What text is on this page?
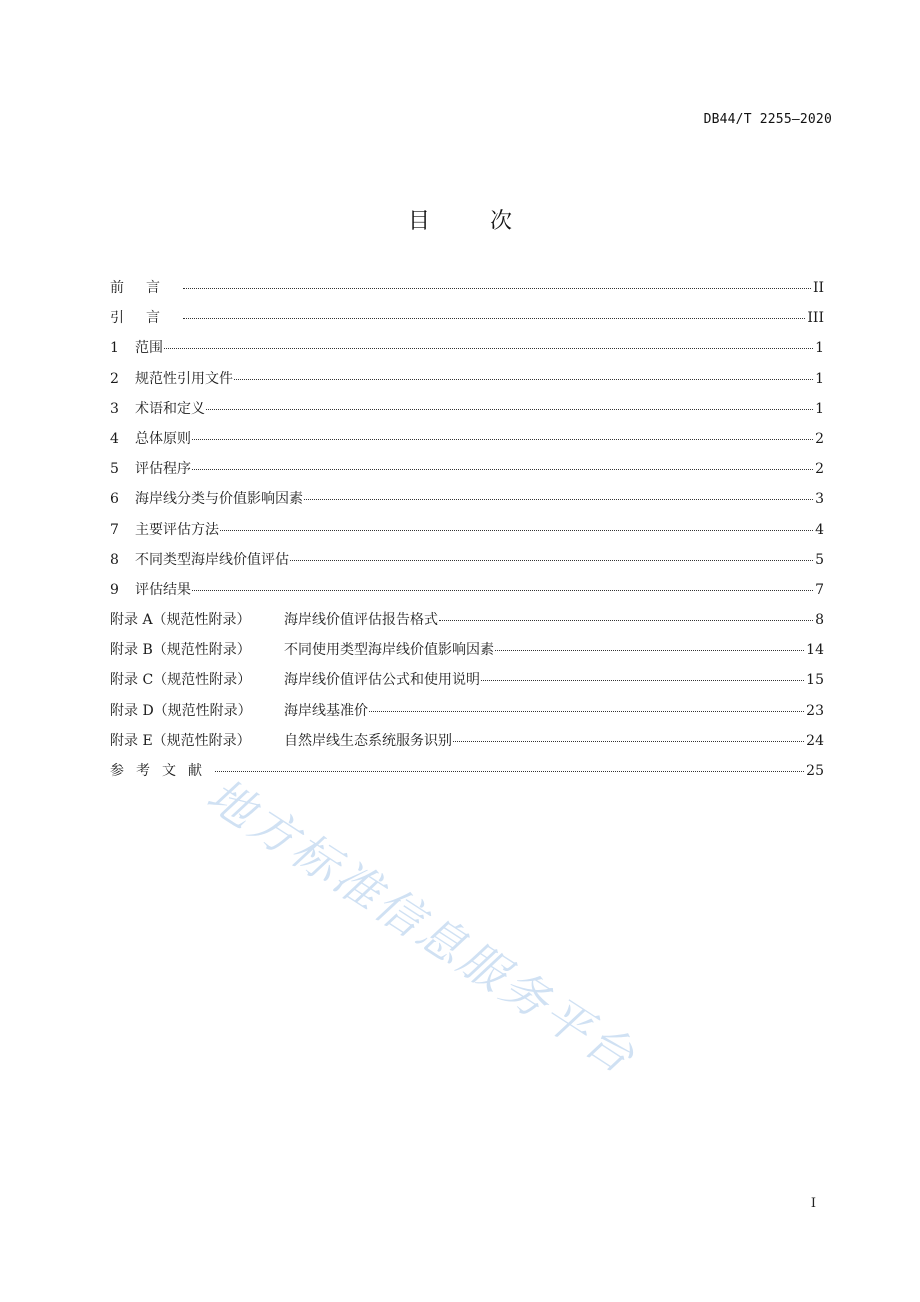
DB44/T 2255—2020
目次
前言	II
引言	III
1	范围	1
2	规范性引用文件	1
3	术语和定义	1
4	总体原则	2
5	评估程序	2
6	海岸线分类与价值影响因素	3
7	主要评估方法	4
8	不同类型海岸线价值评估	5
9	评估结果	7
附录 A（规范性附录）	海岸线价值评估报告格式	8
附录 B（规范性附录）	不同使用类型海岸线价值影响因素	14
附录 C（规范性附录）	海岸线价值评估公式和使用说明	15
附录 D（规范性附录）	海岸线基准价	23
附录 E（规范性附录）	自然岸线生态系统服务识别	24
参考文献	25
地方标准信息服务平台
I
